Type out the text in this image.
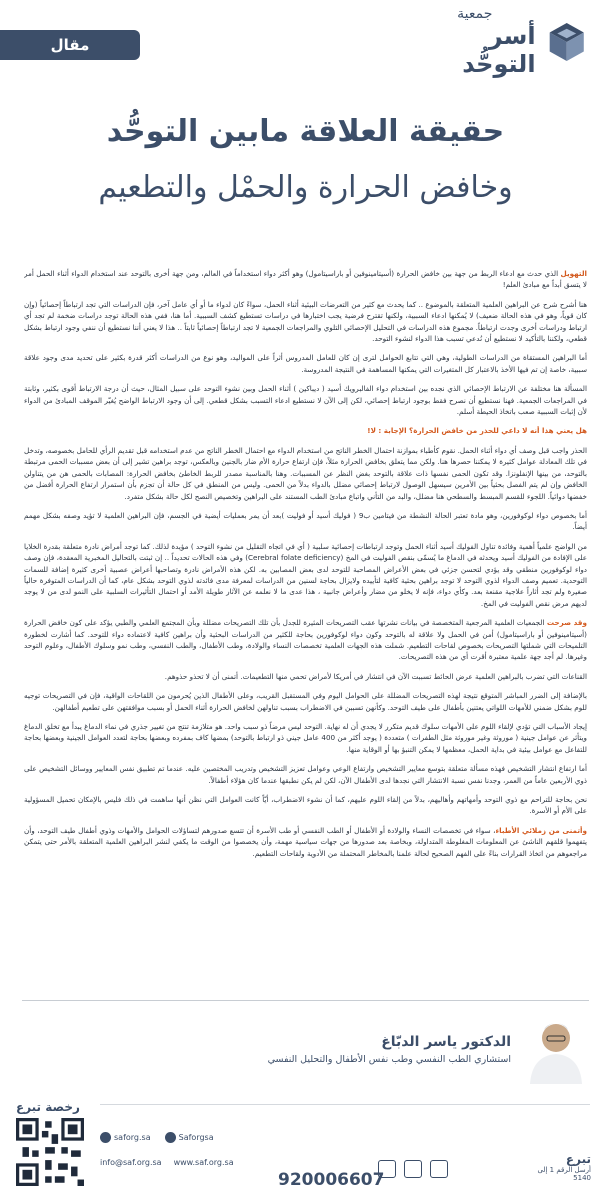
مقال
جمعية
أسر التوحُّد
حقيقة العلاقة مابين التوحُّد
وخافض الحرارة والحمْل والتطعيم

التهويل الذي حدث مع ادعاء الربط من جهة بين خافض الحرارة (أسيتامينوفين أو باراسيتامول) وهو أكثر دواء استخداماً في العالم، ومن جهة أخرى بالتوحد عند استخدام الدواء أثناء الحمل أمر لا يتسق أبداً مع مبادئ العلم!

هنا أشرح شرح عن البراهين العلمية المتعلقة بالموضوع .. كما يحدث مع كثير من التعرضات البيئية أثناء الحمل، سواءً كان لدواء ما أو أي عامل آخر، فإن الدراسات التي تجد ارتباطاً إحصائياً (وإن كان قوياً، وهو في هذه الحالة ضعيف) لا يُمكنها ادعاء السببية، ولكنها تقترح فرضية يجب اختبارها في دراسات تستطيع كشف السببية. أما هنا، ففي هذه الحالة توجد دراسات ضخمة لم تجد أي ارتباط ودراسات أخرى وجدت ارتباطاً. مجموع هذه الدراسات في التحليل الإحصائي التلوي والمراجعات الجمعية لا تجد ارتباطاً إحصائياً ثابتاً .. هذا لا يعني أننا نستطيع أن ننفي وجود ارتباط بشكل قطعي، ولكننا بالتأكيد لا نستطيع أن نُدعي تسبب هذا الدواء لنشوء التوحد.

أما البراهين المستقاة من الدراسات الطولية، وهي التي تتابع الحوامل لترى إن كان للعامل المدروس أثراً على المواليد، وهو نوع من الدراسات أكثر قدرة بكثير على تحديد مدى وجود علاقة سببية، خاصة إن تم فيها الأخذ بالاعتبار كل المتغيرات التي يمكنها المساهمة في النتيجة المدروسة.

المسألة هنا مختلفة عن الارتباط الإحصائي الذي نجده بين استخدام دواء الفالبرويك أسيد ( ديباكين ) أثناء الحمل وبين نشوء التوحد على سبيل المثال، حيث أن درجة الارتباط أقوى بكثير، وثابتة في المراجعات الجمعية. فهنا نستطيع أن نصرح فقط بوجود ارتباط إحصائي، لكن إلى الآن لا نستطيع ادعاء التسبب بشكل قطعي. إلى أن وجود الارتباط الواضح يُغيّر الموقف المبادئ من الدواء لأن إثبات السببية صعب باتخاذ الحيطة أسلم.

هل يعني هذا أنه لا داعي للحذر من خافض الحرارة؟ الإجابة : لا!

الحذر واجب قبل وصف أي دواء أثناء الحمل. نقوم كأطباء بموازنة احتمال الخطر الناتج من استخدام الدواء مع احتمال الخطر الناتج من عدم استخدامه قبل تقديم الرأي للحامل بخصوصه، وتدخل في تلك المعادلة عوامل كثيرة لا يمكننا حصرها هنا. ولكن مما يتعلق بخافض الحرارة مثلاً، فإن ارتفاع حرارة الأم ضار بالجنين وبالعكس، توجد براهين تشير إلى أن بعض مسببات الحمى مرتبطة بالتوحد، من بينها الإنفلونزا. وقد تكون الحمى نفسها ذات علاقة بالتوحد بغض النظر عن المسببات. وهنا بالمناسبة مصدر للربط الخاطئ بخافض الحرارة: المصابات بالحمى هن من يتناولن الخافض وإن لم يتم الفصل بحثياً بين الأمرين سيسهل الوصول لارتباط إحصائي مضلل بالدواء بدلاً من الحمى. وليس من المنطق في كل حالة أن تجزم بأن استمرار ارتفاع الحرارة أفضل من خفضها دوائياً. اللجوء للقسم المبسط والسطحي هنا مضلل، والبد من التأني واتباع مبادئ الطب المستند على البراهين وتخصيص النصح لكل حالة بشكل متفرد.

أما بخصوص دواء لوكوفورين، وهو مادة تعتبر الحالة النشطة من فيتامين ب9 ( فوليك أسيد أو فوليت )بعد أن يمر بعمليات أيضية في الجسم، فإن البراهين العلمية لا تؤيد وصفه بشكل مهمم أيضاً.

من الواضح علمياً أهمية وفائدة تناول الفوليك أسيد أثناء الحمل وتوجد ارتباطات إحصائية سلبية ( أي في اتجاه التقليل من نشوء التوحد ) مؤيدة لذلك. كما توجد أمراض نادرة متعلقة بقدرة الخلايا على الإفادة من الفوليك أسيد ويحدثه في الدماغ ما يُسمّى بنقص الفوليت في المخ (Cerebral folate deficiency) وفي هذه الحالات تحديداً .. إن ثبتت بالتحاليل المخبرية المعقدة، فإن وصف دواء لوكوفورين منطقي وقد يؤدي لتحسن جزئي في بعض الأعراض المصاحبة للتوحد لدى بعض المصابين به. لكن هذه الأمراض نادرة وتصاحبها أعراض عصبية أخرى كثيرة إضافة للسمات التوحدية. تعميم وصف الدواء لذوي التوحد لا توجد براهين بحثية كافية لتأييده ولايزال بحاجة لسنين من الدراسات لمعرفة مدى فائدته لذوي التوحد بشكل عام، كما أن الدراسات المتوفرة حالياً صغيرة ولم تجد أثاراً علاجية مقنعة بعد. وكأي دواء، فإنه لا يخلو من مضار وأعراض جانبية ، هذا عدى ما لا نعلمه عن الآثار طويلة الأمد أو احتمال التأثيرات السلبية على النمو لدى من لا يوجد لديهم مرض نقص الفوليت في المخ.

وقد صرحت الجمعيات العلمية المرجعية المتخصصة في بيانات نشرتها عقب التصريحات المثيرة للجدل بأن تلك التصريحات مضللة وبأن المجتمع العلمي والطبي يؤكد على كون خافض الحرارة (أسيتامينوفين أو باراسيتامول) أمن في الحمل ولا علاقة له بالتوحد وكون دواء لوكوفورين بحاجة للكثير من الدراسات البحثية وأن براهين كافية لاعتماده دواء للتوحد. كما أشارت لخطورة التلميحات التي شملتها التصريحات بخصوص لقاحات التطعيم. شملت هذه الجهات العلمية تخصصات النساء والولادة، وطب الأطفال، والطب النفسي، وطب نمو وسلوك الأطفال، وعلوم التوحد وغيرها. لم أجد جهة علمية معتبرة أقرت أي من هذه التصريحات.

القناعات التي تضرب بالبراهين العلمية عرض الحائط تسببت الآن في انتشار في أمريكا لأمراض تحمي منها التطعيمات. أتمنى أن لا تحذو حذوهم.

بالإضافة إلى الضرر المباشر المتوقع نتيجة لهذه التصريحات المضللة على الحوامل اليوم وفي المستقبل القريب، وعلى الأطفال الذين يُحرمون من اللقاحات الواقية، فإن في التصريحات توجيه للوم بشكل ضمني للأمهات اللواتي يعتنين بأطفال على طيف التوحد. وكأنهن تسببن في الاضطراب بسبب تناولهن لخافض الحرارة أثناء الحمل أو بسبب موافقتهن على تطعيم أطفالهن.

إيجاد الأسباب التي تؤدي لإلقاء اللوم على الأمهات سلوك قديم متكرر لا يجدي أن له نهاية. التوحد ليس مرضاً ذو سبب واحد. هو متلازمة تنتج من تغيير جذري في نماء الدماغ يبدأ مع تخلق الدماغ ويتأثر عن عوامل جينية ( موروثة وغير موروثة مثل الطفرات ) متعددة ( يوجد أكثر من 400 عامل جيني ذو ارتباط بالتوحد) بمضها كاف بمفرده وبعضها بحاجة لتعدد العوامل الجينية وبعضها بحاجة للتفاعل مع عوامل بيئية في بداية الحمل، معظمها لا يمكن التنبؤ بها أو الوقاية منها.

أما ارتفاع انتشار التشخيص فهذه مسألة متعلقة بتوسع معايير التشخيص وارتفاع الوعي وعوامل تعزيز التشخيص وتدريب المختصين عليه. عندما تم تطبيق نفس المعايير ووسائل التشخيص على ذوي الأربعين عاماً من العمر، وجدنا نفس نسبة الانتشار التي نجدها لدى الأطفال الآن، لكن لم يكن نطبقها عندما كان هؤلاء أطفالاً.

نحن بحاجة للتراحم مع ذوي التوحد وأمهاتهم وأهاليهم، بدلاً من إلقاء اللوم عليهم، كما أن نشوء الاضطراب، أيّاً كانت العوامل التي نظن أنها ساهمت في ذلك فليس بالإمكان تحميل المسؤولية على الأم أو الأسرة.

وأتمنى من زملائي الأطباء، سواء في تخصصات النساء والولادة أو الأطفال أو الطب النفسي أو طب الأسرة أن تتسع صدورهم لتساؤلات الحوامل والأمهات وذوي أطفال طيف التوحد، وأن يتفهموا قلقهم الناشئ عن المعلومات المغلوطة المتداولة، وبخاصة بعد صدورها من جهات سياسية مهمة، وأن يخصصوا من الوقت ما يكفي لنشر البراهين العلمية المتعلقة بالأمر حتى يتمكن مراجعوهم من اتخاذ القرارات بناءً على الفهم الصحيح لحالة علمنا بالمخاطر المحتملة من الأدوية ولقاحات التطعيم.

الدكتور ياسر الدبّاغ
استشاري الطب النفسي وطب نفس الأطفال والتحليل النفسي
رخصة تبرع
saforg.sa	Saforgsa
info@saf.org.sa www.saf.org.sa
920006607
تبرع
أرسل الرقم 1 إلى 5140
